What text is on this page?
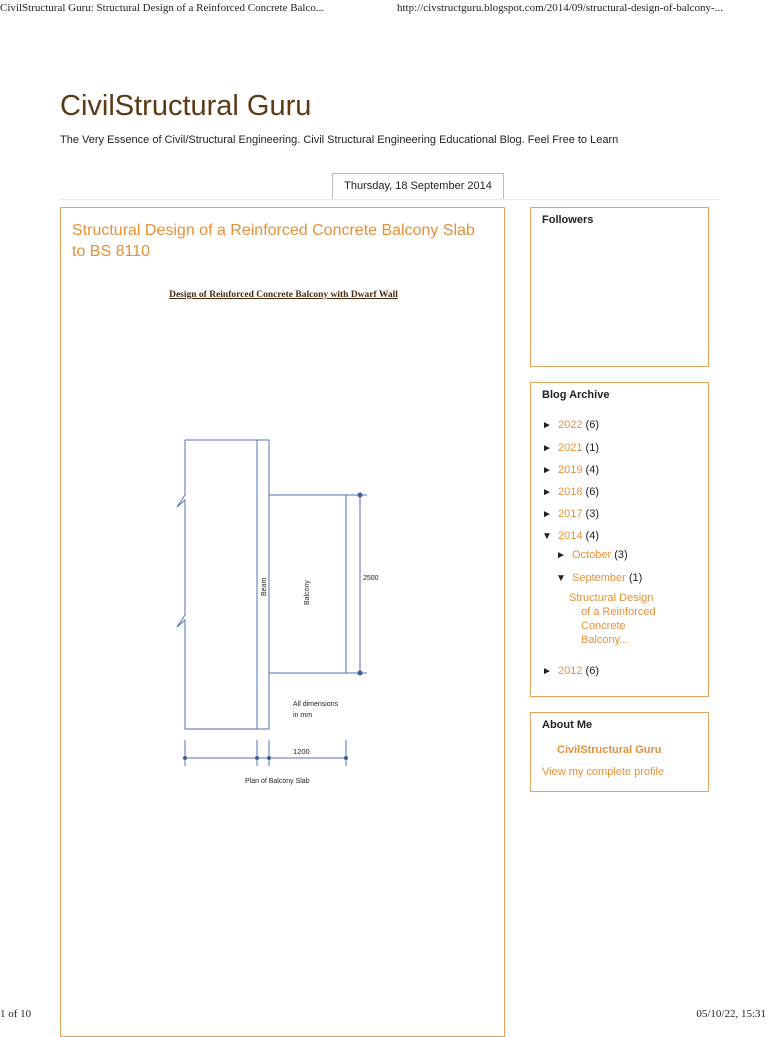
CivilStructural Guru: Structural Design of a Reinforced Concrete Balco...	http://civstructguru.blogspot.com/2014/09/structural-design-of-balcony-...
CivilStructural Guru
The Very Essence of Civil/Structural Engineering. Civil Structural Engineering Educational Blog. Feel Free to Learn
Thursday, 18 September 2014
Structural Design of a Reinforced Concrete Balcony Slab to BS 8110
Design of Reinforced Concrete Balcony with Dwarf Wall
Beam	Balcony
2500
1200
All dimensions
in mm
Plan of Balcony Slab
Followers
Blog Archive
► 2022 (6)
► 2021 (1)
► 2019 (4)
► 2018 (6)
► 2017 (3)
▼ 2014 (4)
► October (3)
▼ September (1)
Structural Design
of a Reinforced
Concrete
Balcony...
► 2012 (6)
About Me
CivilStructural Guru
View my complete profile
1 of 10	05/10/22, 15:31
